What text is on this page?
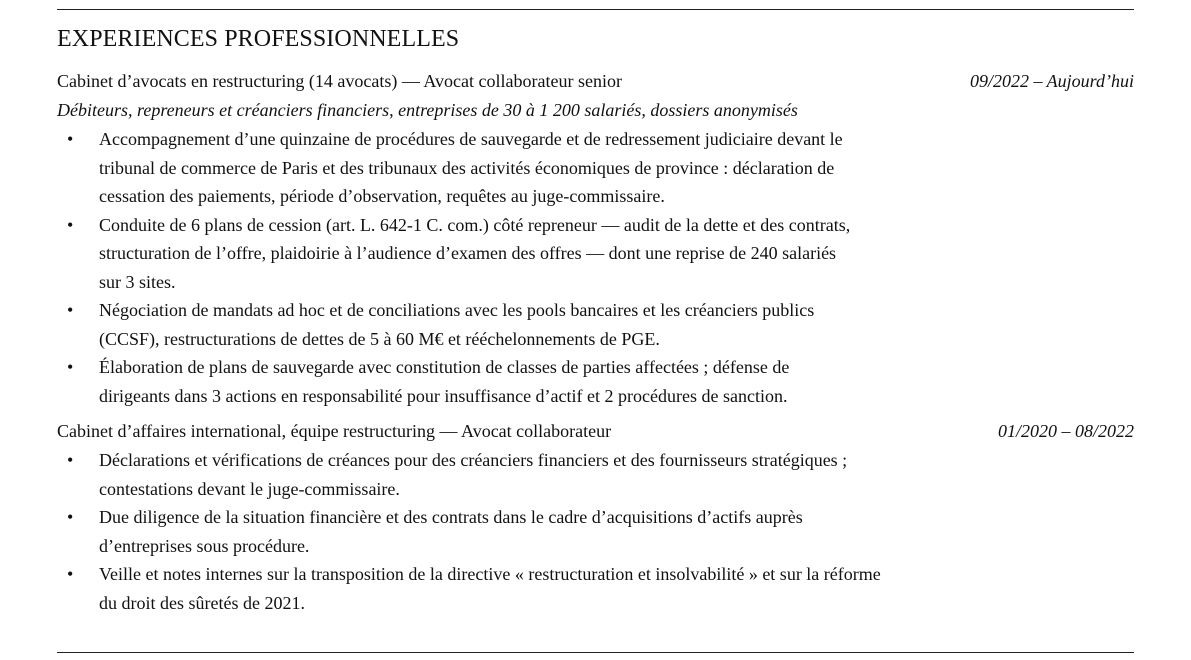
EXPERIENCES PROFESSIONNELLES
Cabinet d’avocats en restructuring (14 avocats) — Avocat collaborateur senior	09/2022 – Aujourd’hui
Débiteurs, repreneurs et créanciers financiers, entreprises de 30 à 1 200 salariés, dossiers anonymisés
• Accompagnement d’une quinzaine de procédures de sauvegarde et de redressement judiciaire devant le
tribunal de commerce de Paris et des tribunaux des activités économiques de province : déclaration de
cessation des paiements, période d’observation, requêtes au juge-commissaire.
• Conduite de 6 plans de cession (art. L. 642-1 C. com.) côté repreneur — audit de la dette et des contrats,
structuration de l’offre, plaidoirie à l’audience d’examen des offres — dont une reprise de 240 salariés
sur 3 sites.
• Négociation de mandats ad hoc et de conciliations avec les pools bancaires et les créanciers publics
(CCSF), restructurations de dettes de 5 à 60 M€ et rééchelonnements de PGE.
• Élaboration de plans de sauvegarde avec constitution de classes de parties affectées ; défense de
dirigeants dans 3 actions en responsabilité pour insuffisance d’actif et 2 procédures de sanction.
Cabinet d’affaires international, équipe restructuring — Avocat collaborateur	01/2020 – 08/2022
• Déclarations et vérifications de créances pour des créanciers financiers et des fournisseurs stratégiques ;
contestations devant le juge-commissaire.
• Due diligence de la situation financière et des contrats dans le cadre d’acquisitions d’actifs auprès
d’entreprises sous procédure.
• Veille et notes internes sur la transposition de la directive « restructuration et insolvabilité » et sur la réforme
du droit des sûretés de 2021.
